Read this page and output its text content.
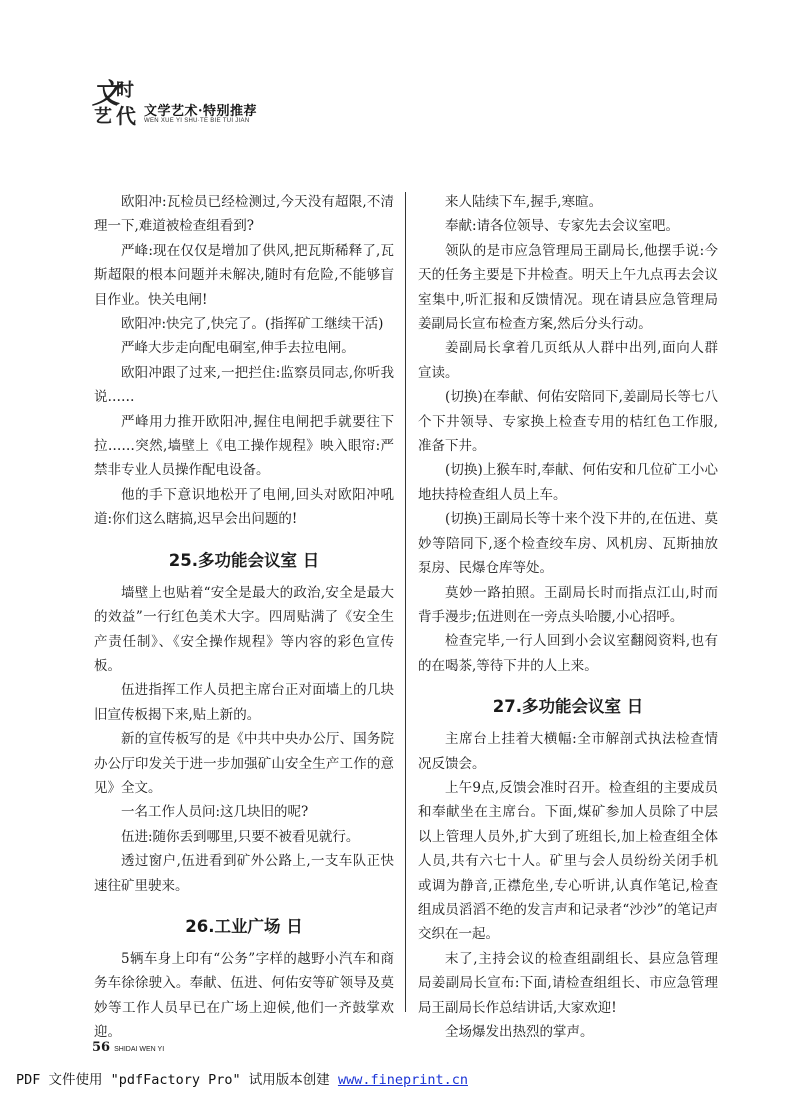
文
时
艺 代 文学艺术·特别推荐
WEN XUE YI SHU·TE BIE TUI JIAN

欧阳冲:瓦检员已经检测过,今天没有超限,不清理一下,难道被检查组看到?

严峰:现在仅仅是增加了供风,把瓦斯稀释了,瓦斯超限的根本问题并未解决,随时有危险,不能够盲目作业。快关电闸!

欧阳冲:快完了,快完了。(指挥矿工继续干活)

严峰大步走向配电硐室,伸手去拉电闸。

欧阳冲跟了过来,一把拦住:监察员同志,你听我说……

严峰用力推开欧阳冲,握住电闸把手就要往下拉……突然,墙壁上《电工操作规程》映入眼帘:严禁非专业人员操作配电设备。

他的手下意识地松开了电闸,回头对欧阳冲吼道:你们这么瞎搞,迟早会出问题的!

25.多功能会议室 日

墙壁上也贴着“安全是最大的政治,安全是最大的效益”一行红色美术大字。四周贴满了《安全生产责任制》、《安全操作规程》等内容的彩色宣传板。

伍进指挥工作人员把主席台正对面墙上的几块旧宣传板揭下来,贴上新的。

新的宣传板写的是《中共中央办公厅、国务院办公厅印发关于进一步加强矿山安全生产工作的意见》全文。

一名工作人员问:这几块旧的呢?

伍进:随你丢到哪里,只要不被看见就行。

透过窗户,伍进看到矿外公路上,一支车队正快速往矿里驶来。

26.工业广场 日

5辆车身上印有“公务”字样的越野小汽车和商务车徐徐驶入。奉献、伍进、何佑安等矿领导及莫妙等工作人员早已在广场上迎候,他们一齐鼓掌欢迎。

来人陆续下车,握手,寒暄。

奉献:请各位领导、专家先去会议室吧。

领队的是市应急管理局王副局长,他摆手说:今天的任务主要是下井检查。明天上午九点再去会议室集中,听汇报和反馈情况。现在请县应急管理局姜副局长宣布检查方案,然后分头行动。

姜副局长拿着几页纸从人群中出列,面向人群宣读。

(切换)在奉献、何佑安陪同下,姜副局长等七八个下井领导、专家换上检查专用的桔红色工作服,准备下井。

(切换)上猴车时,奉献、何佑安和几位矿工小心地扶持检查组人员上车。

(切换)王副局长等十来个没下井的,在伍进、莫妙等陪同下,逐个检查绞车房、风机房、瓦斯抽放泵房、民爆仓库等处。

莫妙一路拍照。王副局长时而指点江山,时而背手漫步;伍进则在一旁点头哈腰,小心招呼。

检查完毕,一行人回到小会议室翻阅资料,也有的在喝茶,等待下井的人上来。

27.多功能会议室 日

主席台上挂着大横幅:全市解剖式执法检查情况反馈会。

上午9点,反馈会准时召开。检查组的主要成员和奉献坐在主席台。下面,煤矿参加人员除了中层以上管理人员外,扩大到了班组长,加上检查组全体人员,共有六七十人。矿里与会人员纷纷关闭手机或调为静音,正襟危坐,专心听讲,认真作笔记,检查组成员滔滔不绝的发言声和记录者“沙沙”的笔记声交织在一起。

末了,主持会议的检查组副组长、县应急管理局姜副局长宣布:下面,请检查组组长、市应急管理局王副局长作总结讲话,大家欢迎!

全场爆发出热烈的掌声。

56 SHIDAI WEN YI
PDF 文件使用 "pdfFactory Pro" 试用版本创建 www.fineprint.cn
